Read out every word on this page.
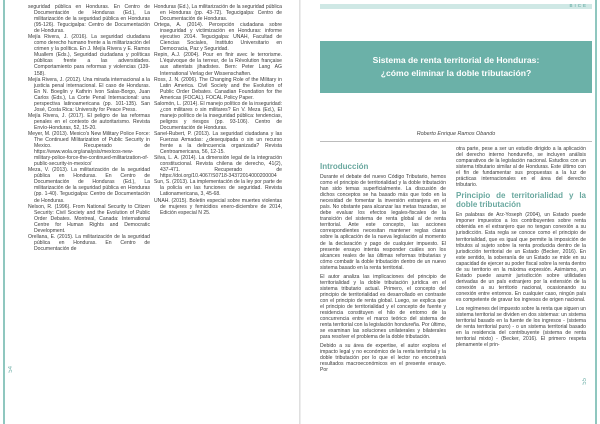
54

seguridad pública en Honduras. En Centro de Documentación de Honduras (Ed.), La militarización de la seguridad pública en Honduras (95-126). Tegucigalpa: Centro de Documentación de Honduras.

Mejía Rivera, J. (2016). La seguridad ciudadana como derecho humano frente a la militarización del crimen y la política. En J. Mejía Rivera y E. Ramos Muallem (Eds.), Seguridad ciudadana y políticas públicas frente a las adversidades. Comportamiento para reformas y violencias (139-158).

Mejía Rivera, J. (2012). Una mirada internacional a la justicia penal internacional. El caso de Honduras. En N. Boeglin y Kathrin Ivon Salas-Borgo, Juan Carlos (Eds.), La Corte Penal Internacional: una perspectiva latinoamericana (pp. 101-135). San José, Costa Rica: University for Peace Press.

Mejía Rivera, J. (2017). El peligro de las reformas penales en el contexto de autoritarismo. Revista Envío-Honduras, 52, 15-20.

Meyer, M. (2013). Mexico's New Military Police Force: The Continued Militarization of Public Security in Mexico. Recuperado de https://www.wola.org/analysis/mexicos-new-military-police-force-the-continued-militarization-of-public-security-in-mexico/

Meza, V. (2013). La militarización de la seguridad pública en Honduras. En Centro de Documentación de Honduras (Ed.), La militarización de la seguridad pública en Honduras (pp. 1-40). Tegucigalpa: Centro de Documentación de Honduras.

Nelson, R. (1996). From National Security to Citizen Security: Civil Society and the Evolution of Public Order Debates. Montreal, Canada: International Centre for Human Rights and Democratic Development.

Orellana, E. (2015). La militarización de la seguridad pública en Honduras. En Centro de Documentación de

Honduras (Ed.), La militarización de la seguridad pública en Honduras (pp. 43-72). Tegucigalpa: Centro de Documentación de Honduras.

Ortega, A. (2014). Percepción ciudadana sobre inseguridad y victimización en Honduras: informe ejecutivo 2014. Tegucigalpa: UNAH, Facultad de Ciencias Sociales, Instituto Universitario en Democracia, Paz y Seguridad.

Repin, A.J. (2004). Pour en finir avec le terrorisme. L'équivoque de la terreur, de la Révolution française aux attentats jihadistes. Bern: Peter Lang AG International Verlag der Wissenschaften.

Ross, J. N. (2006). The Changing Role of the Military in Latin America. Civil Society and the Evolution of Public Order Debates. Canadian Foundation for the Americas (FOCAL). FOCAL Policy Paper.

Salomón, L. (2014). El manejo político de la inseguridad: ¿con militares o sin militares? En V. Meza (Ed.), El manejo político de la inseguridad pública: tendencias, peligros y riesgos (pp. 93-106). Centro de Documentación de Honduras.

Sanel-Rubert, P. (2013). La seguridad ciudadana y las Fuerzas Armadas: ¿desequipada o sin un recurso frente a la delincuencia organizada? Revista Centroamericana, 56, 12-15.

Silva, L. A. (2014). La dimensión legal de la integración constitucional. Revista chilena de derecho, 41(2), 437-471. Recuperado de https://doi.org/10.4067/S0718-34372014000200004

Sun, S. (2013). La implementación de la ley por parte de la policía en las funciones de seguridad. Revista Lationamericana, 3, 45-68.

UNAH. (2015). Boletín especial sobre muertes violentas de mujeres y femicidios enero-diciembre de 2014, Edición especial N 25.

55
BICE
Sistema de renta territorial de Honduras:
¿cómo eliminar la doble tributación?
Roberto Enrique Ramos Obando
Introducción

Durante el debate del nuevo Código Tributario, hemos como el principio de territorialidad y la doble tributación han sido temas superficialmente. La discusión de dichos conceptos se ha basado más que todo en la necesidad de fomentar la inversión extranjera en el país. No obstante para alcanzar las metas trazadas, se debe evaluar los efectos legales-fiscales de la transición del sistema de renta global al de renta territorial. Ante este concepto, las acciones correspondientes necesitan mantener reglas claras sobre la aplicación de la nueva legislación al momento de la declaración y pago de cualquier impuesto. El presente ensayo intenta responder cuáles son los alcances reales de las últimas reformas tributarias y cómo combatir la doble tributación dentro de un nuevo sistema basado en la renta territorial.

El autor analiza las implicaciones del principio de territorialidad y la doble tributación jurídica en el sistema tributario actual. Primero, el concepto del principio de territorialidad es desarrollado en contraste con el principio de renta global. Luego, se explica que el principio de territorialidad y el concepto de fuente y residencia constituyen el hilo de entorno de la concurrencia entre el marco teórico del sistema de renta territorial con la legislación hondureña. Por último, se examinan las soluciones unilaterales y bilaterales para resolver el problema de la doble tributación.

Debido a su área de expertise, el autor explora el impacto legal y no económico de la renta territorial y la doble tributación por lo que el lector no encontrará resultados macroeconómicos en el presente ensayo. Por

otra parte, pese a ser un estudio dirigido a la aplicación del derecho interno hondureño, se incluyen análisis comparativos de la legislación nacional. Estudios con un sistema tributario similar al de Honduras. Este último con el fin de fundamentar sus propuestas a la luz de prácticas internacionales en el área del derecho tributario.

Principio de territorialidad y la doble tributación

En palabras de Arz-Yoseph (2004), un Estado puede imponer impuestos a los contribuyentes sobre renta obtenida en el extranjero que no tengan conexión a su jurisdicción. Esta regla se conoce como el principio de territorialidad, que es igual que permite la imposición de tributos al sujeto sobre la renta producida dentro de la jurisdicción territorial de un Estado (Becker, 2016). En este sentido, la soberanía de un Estado se mide en su capacidad de ejercer su poder fiscal sobre la renta dentro de su territorio en la máxima expresión. Asimismo, un Estado puede asumir jurisdicción sobre utilidades derivadas de un país extranjero por la extensión de la conexión a su territorio nacional, ocasionando su conexión entre entornos. En cualquier caso, ningún país es competente de gravar los ingresos de origen nacional.

Los regímenes del impuesto sobre la renta que siguen un sistema territorial se dividen en dos sistemas: un sistema territorial basado en la fuente de los ingresos - (sistema de renta territorial puro) - o un sistema territorial basado en la residencia del contribuyente (sistema de renta territorial mixto) - (Becker, 2016). El primero respeta plenamente el prin-
